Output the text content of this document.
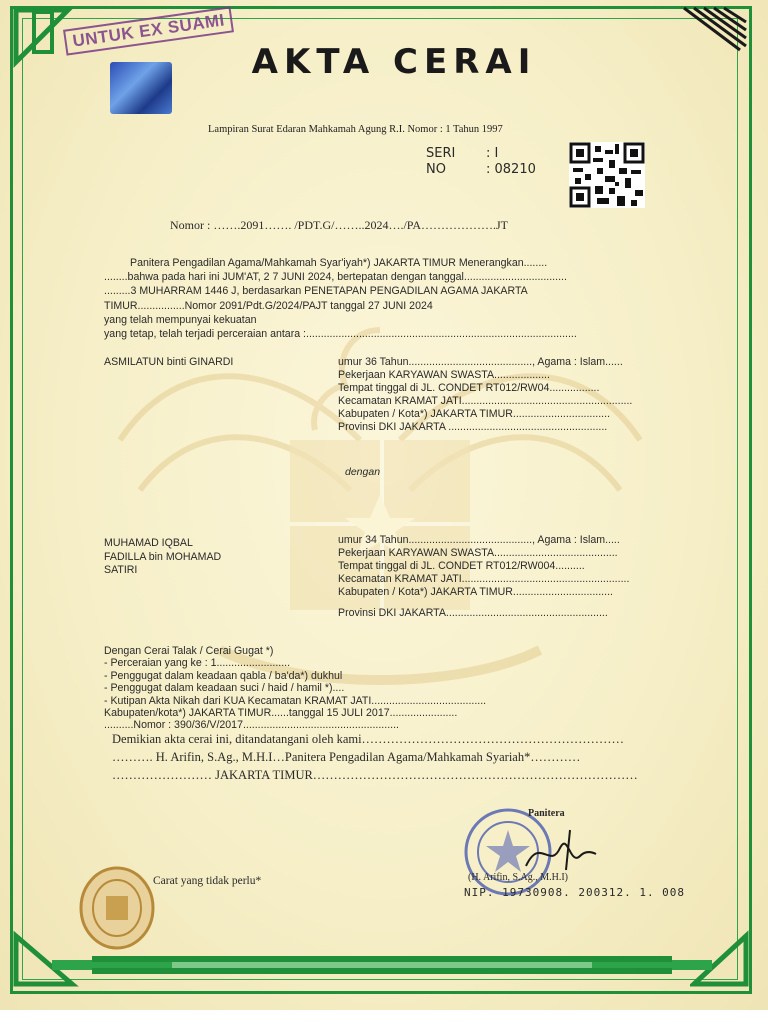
UNTUK EX SUAMI
AKTA CERAI
Lampiran Surat Edaran Mahkamah Agung R.I. Nomor : 1 Tahun 1997
SERI : I
NO	: 08210
Nomor : …….2091……. /PDT.G/……..2024…./PA……………….JT
Panitera Pengadilan Agama/Mahkamah Syar'iyah*) JAKARTA TIMUR Menerangkan........
........bahwa pada hari ini JUM'AT, 2 7 JUNI 2024, bertepatan dengan tanggal...................................
.........3 MUHARRAM 1446 J, berdasarkan PENETAPAN PENGADILAN AGAMA JAKARTA
TIMUR................Nomor 2091/Pdt.G/2024/PAJT tanggal 27 JUNI 2024
yang telah mempunyai kekuatan
yang tetap, telah terjadi perceraian antara :............................................................................................
ASMILATUN binti GINARDI	umur 36 Tahun.........................................., Agama : Islam......
Pekerjaan KARYAWAN SWASTA...................
Tempat tinggal di JL. CONDET RT012/RW04.................
Kecamatan KRAMAT JATI..........................................................
Kabupaten / Kota*) JAKARTA TIMUR.................................
Provinsi DKI JAKARTA ......................................................
dengan
MUHAMAD IQBAL
FADILLA bin MOHAMAD
SATIRI
umur 34 Tahun.........................................., Agama : Islam.....
Pekerjaan KARYAWAN SWASTA..........................................
Tempat tinggal di JL. CONDET RT012/RW004..........
Kecamatan KRAMAT JATI.........................................................
Kabupaten / Kota*) JAKARTA TIMUR..................................
Provinsi DKI JAKARTA.......................................................
Dengan Cerai Talak / Cerai Gugat *)
- Perceraian yang ke : 1.........................
- Penggugat dalam keadaan qabla / ba'da*) dukhul
- Penggugat dalam keadaan suci / haid / hamil *)....
- Kutipan Akta Nikah dari KUA Kecamatan KRAMAT JATI.......................................
Kabupaten/kota*) JAKARTA TIMUR......tanggal 15 JULI 2017.......................
..........Nomor : 390/36/V/2017.....................................................
Demikian akta cerai ini, ditandatangani oleh kami………………………………………………………
………. H. Arifin, S.Ag., M.H.I…Panitera Pengadilan Agama/Mahkamah Syariah*…………
…………………… JAKARTA TIMUR……………………………………………………………………
Panitera
(H. Arifin, S.Ag., M.H.I)
NIP. 19730908. 200312. 1. 008
Carat yang tidak perlu*
